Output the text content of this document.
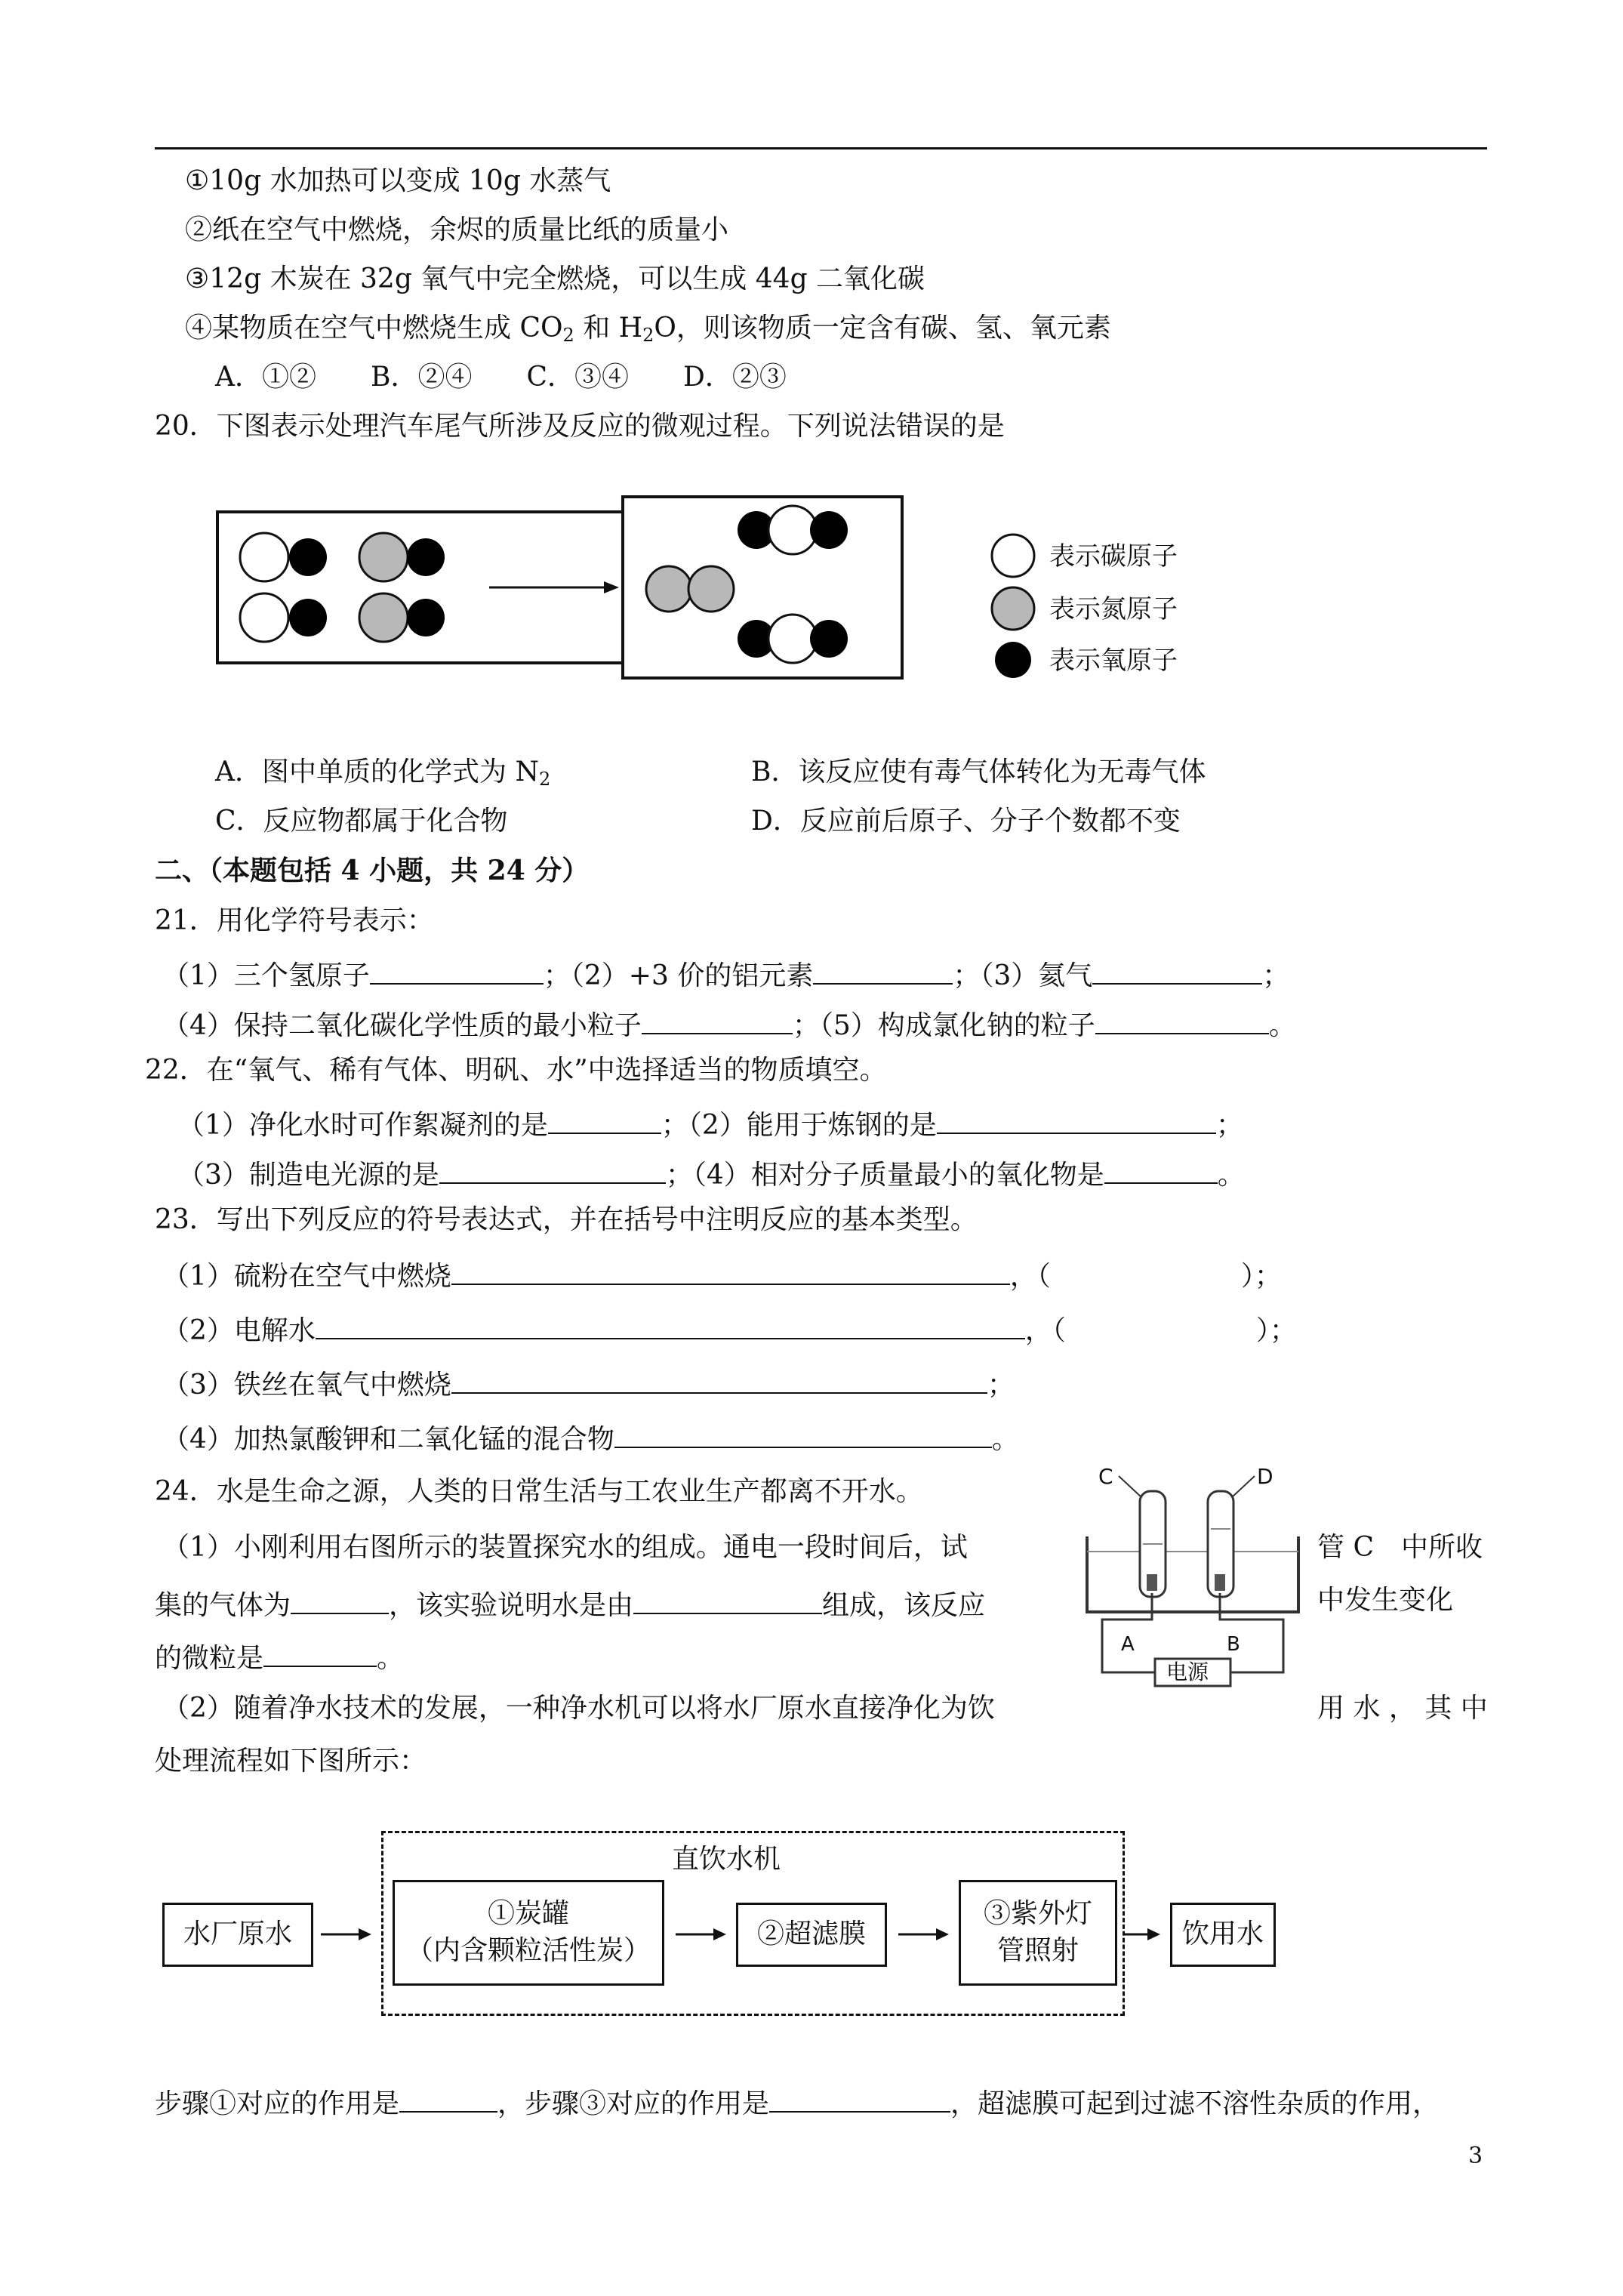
①10g 水加热可以变成 10g 水蒸气
②纸在空气中燃烧，余烬的质量比纸的质量小
③12g 木炭在 32g 氧气中完全燃烧，可以生成 44g 二氧化碳
④某物质在空气中燃烧生成 $CO_2$ 和 $H_2O$，则该物质一定含有碳、氢、氧元素
A．①②　　B．②④　　C．③④　　D．②③
20．下图表示处理汽车尾气所涉及反应的微观过程。下列说法错误的是
表示碳原子
表示氮原子
表示氧原子
A．图中单质的化学式为 $N_2$	B．该反应使有毒气体转化为无毒气体
C．反应物都属于化合物	D．反应前后原子、分子个数都不变
二、（本题包括 4 小题，共 24 分）
21．用化学符号表示：
（1）三个氢原子	；（2）+3 价的铝元素	；（3）氦气	；
（4）保持二氧化碳化学性质的最小粒子	；（5）构成氯化钠的粒子	。
22．在“氧气、稀有气体、明矾、水”中选择适当的物质填空。
（1）净化水时可作絮凝剂的是	；（2）能用于炼钢的是	；
（3）制造电光源的是	；（4）相对分子质量最小的氧化物是	。
23．写出下列反应的符号表达式，并在括号中注明反应的基本类型。
（1）硫粉在空气中燃烧	，（　　　　　　　）；
（2）电解水	，（　　　　　　　）；
（3）铁丝在氧气中燃烧	；
（4）加热氯酸钾和二氧化锰的混合物	。
24．水是生命之源，人类的日常生活与工农业生产都离不开水。
（1）小刚利用右图所示的装置探究水的组成。通电一段时间后，试	管 C　中所收
集的气体为	，该实验说明水是由	组成，该反应	中发生变化
的微粒是	。
（2）随着净水技术的发展，一种净水机可以将水厂原水直接净化为饮	用 水 ， 其 中
处理流程如下图所示：
C	D
A	B
电源
直饮水机
水厂原水
①炭罐
（内含颗粒活性炭）
②超滤膜
③紫外灯
管照射
饮用水
步骤①对应的作用是	，步骤③对应的作用是	，超滤膜可起到过滤不溶性杂质的作用，
3
